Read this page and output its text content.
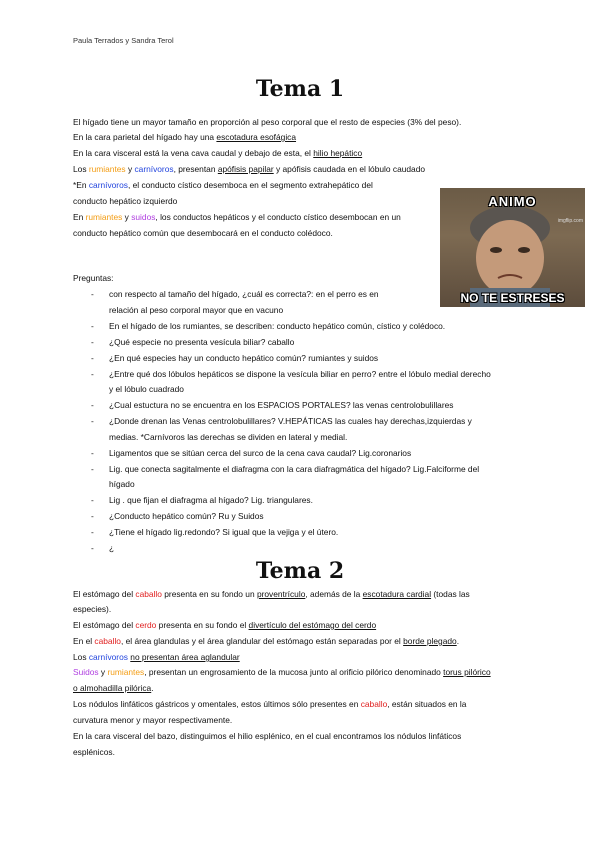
Paula Terrados y Sandra Terol
Tema 1
El hígado tiene un mayor tamaño en proporción al peso corporal que el resto de especies (3% del peso).
En la cara parietal del hígado hay una escotadura esofágica
En la cara visceral está la vena cava caudal y debajo de esta, el hilio hepático
Los rumiantes y carnívoros, presentan apófisis papilar y apófisis caudada en el lóbulo caudado
*En carnívoros, el conducto cístico desemboca en el segmento extrahepático del
conducto hepático izquierdo
En rumiantes y suidos, los conductos hepáticos y el conducto cístico desembocan en un
conducto hepático común que desembocará en el conducto colédoco.
ANIMO
imgflip.com
NO TE ESTRESES
Preguntas:
- con respecto al tamaño del hígado, ¿cuál es correcta?: en el perro es en
relación al peso corporal mayor que en vacuno
- En el hígado de los rumiantes, se describen: conducto hepático común, cístico y colédoco.
- ¿Qué especie no presenta vesícula biliar? caballo
- ¿En qué especies hay un conducto hepático común? rumiantes y suidos
- ¿Entre qué dos lóbulos hepáticos se dispone la vesícula biliar en perro? entre el lóbulo medial derecho
y el lóbulo cuadrado
- ¿Cual estuctura no se encuentra en los ESPACIOS PORTALES? las venas centrolobulillares
- ¿Donde drenan las Venas centrolobulillares? V.HEPÁTICAS las cuales hay derechas,izquierdas y
medias. *Carnívoros las derechas se dividen en lateral y medial.
- Ligamentos que se sitúan cerca del surco de la cena cava caudal? Lig.coronarios
- Lig. que conecta sagitalmente el diafragma con la cara diafragmática del hígado? Lig.Falciforme del
hígado
- Lig . que fijan el diafragma al hígado? Lig. triangulares.
- ¿Conducto hepático común? Ru y Suidos
- ¿Tiene el hígado lig.redondo? Si igual que la vejiga y el útero.
- ¿
Tema 2
El estómago del caballo presenta en su fondo un proventrículo, además de la escotadura cardial (todas las
especies).
El estómago del cerdo presenta en su fondo el divertículo del estómago del cerdo
En el caballo, el área glandulas y el área glandular del estómago están separadas por el borde plegado.
Los carnívoros no presentan área aglandular
Suidos y rumiantes, presentan un engrosamiento de la mucosa junto al orificio pilórico denominado torus pilórico
o almohadilla pilórica.
Los nódulos linfáticos gástricos y omentales, estos últimos sólo presentes en caballo, están situados en la
curvatura menor y mayor respectivamente.
En la cara visceral del bazo, distinguimos el hilio esplénico, en el cual encontramos los nódulos linfáticos
esplénicos.
